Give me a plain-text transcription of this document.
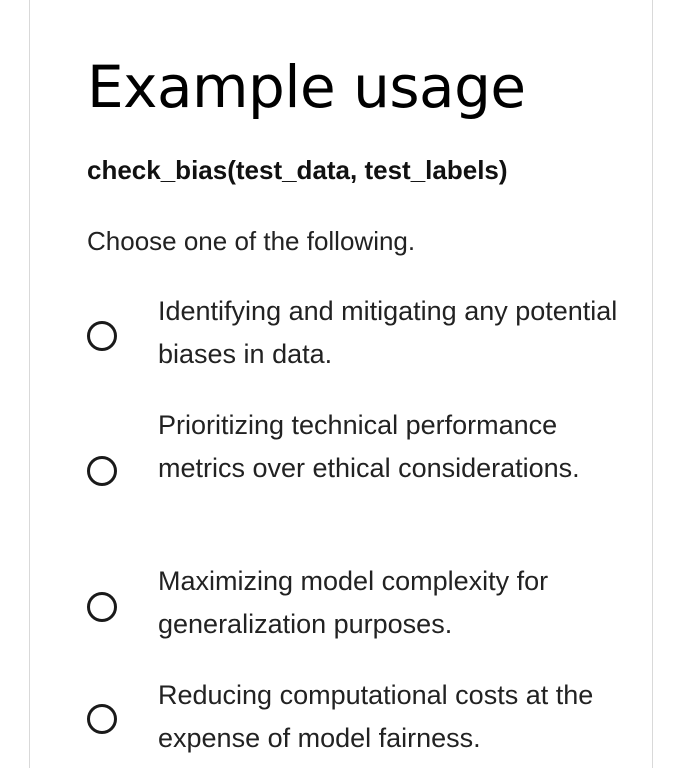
Example usage

check_bias(test_data, test_labels)

Choose one of the following.

Identifying and mitigating any potential biases in data.

Prioritizing technical performance metrics over ethical considerations.

Maximizing model complexity for generalization purposes.

Reducing computational costs at the expense of model fairness.
